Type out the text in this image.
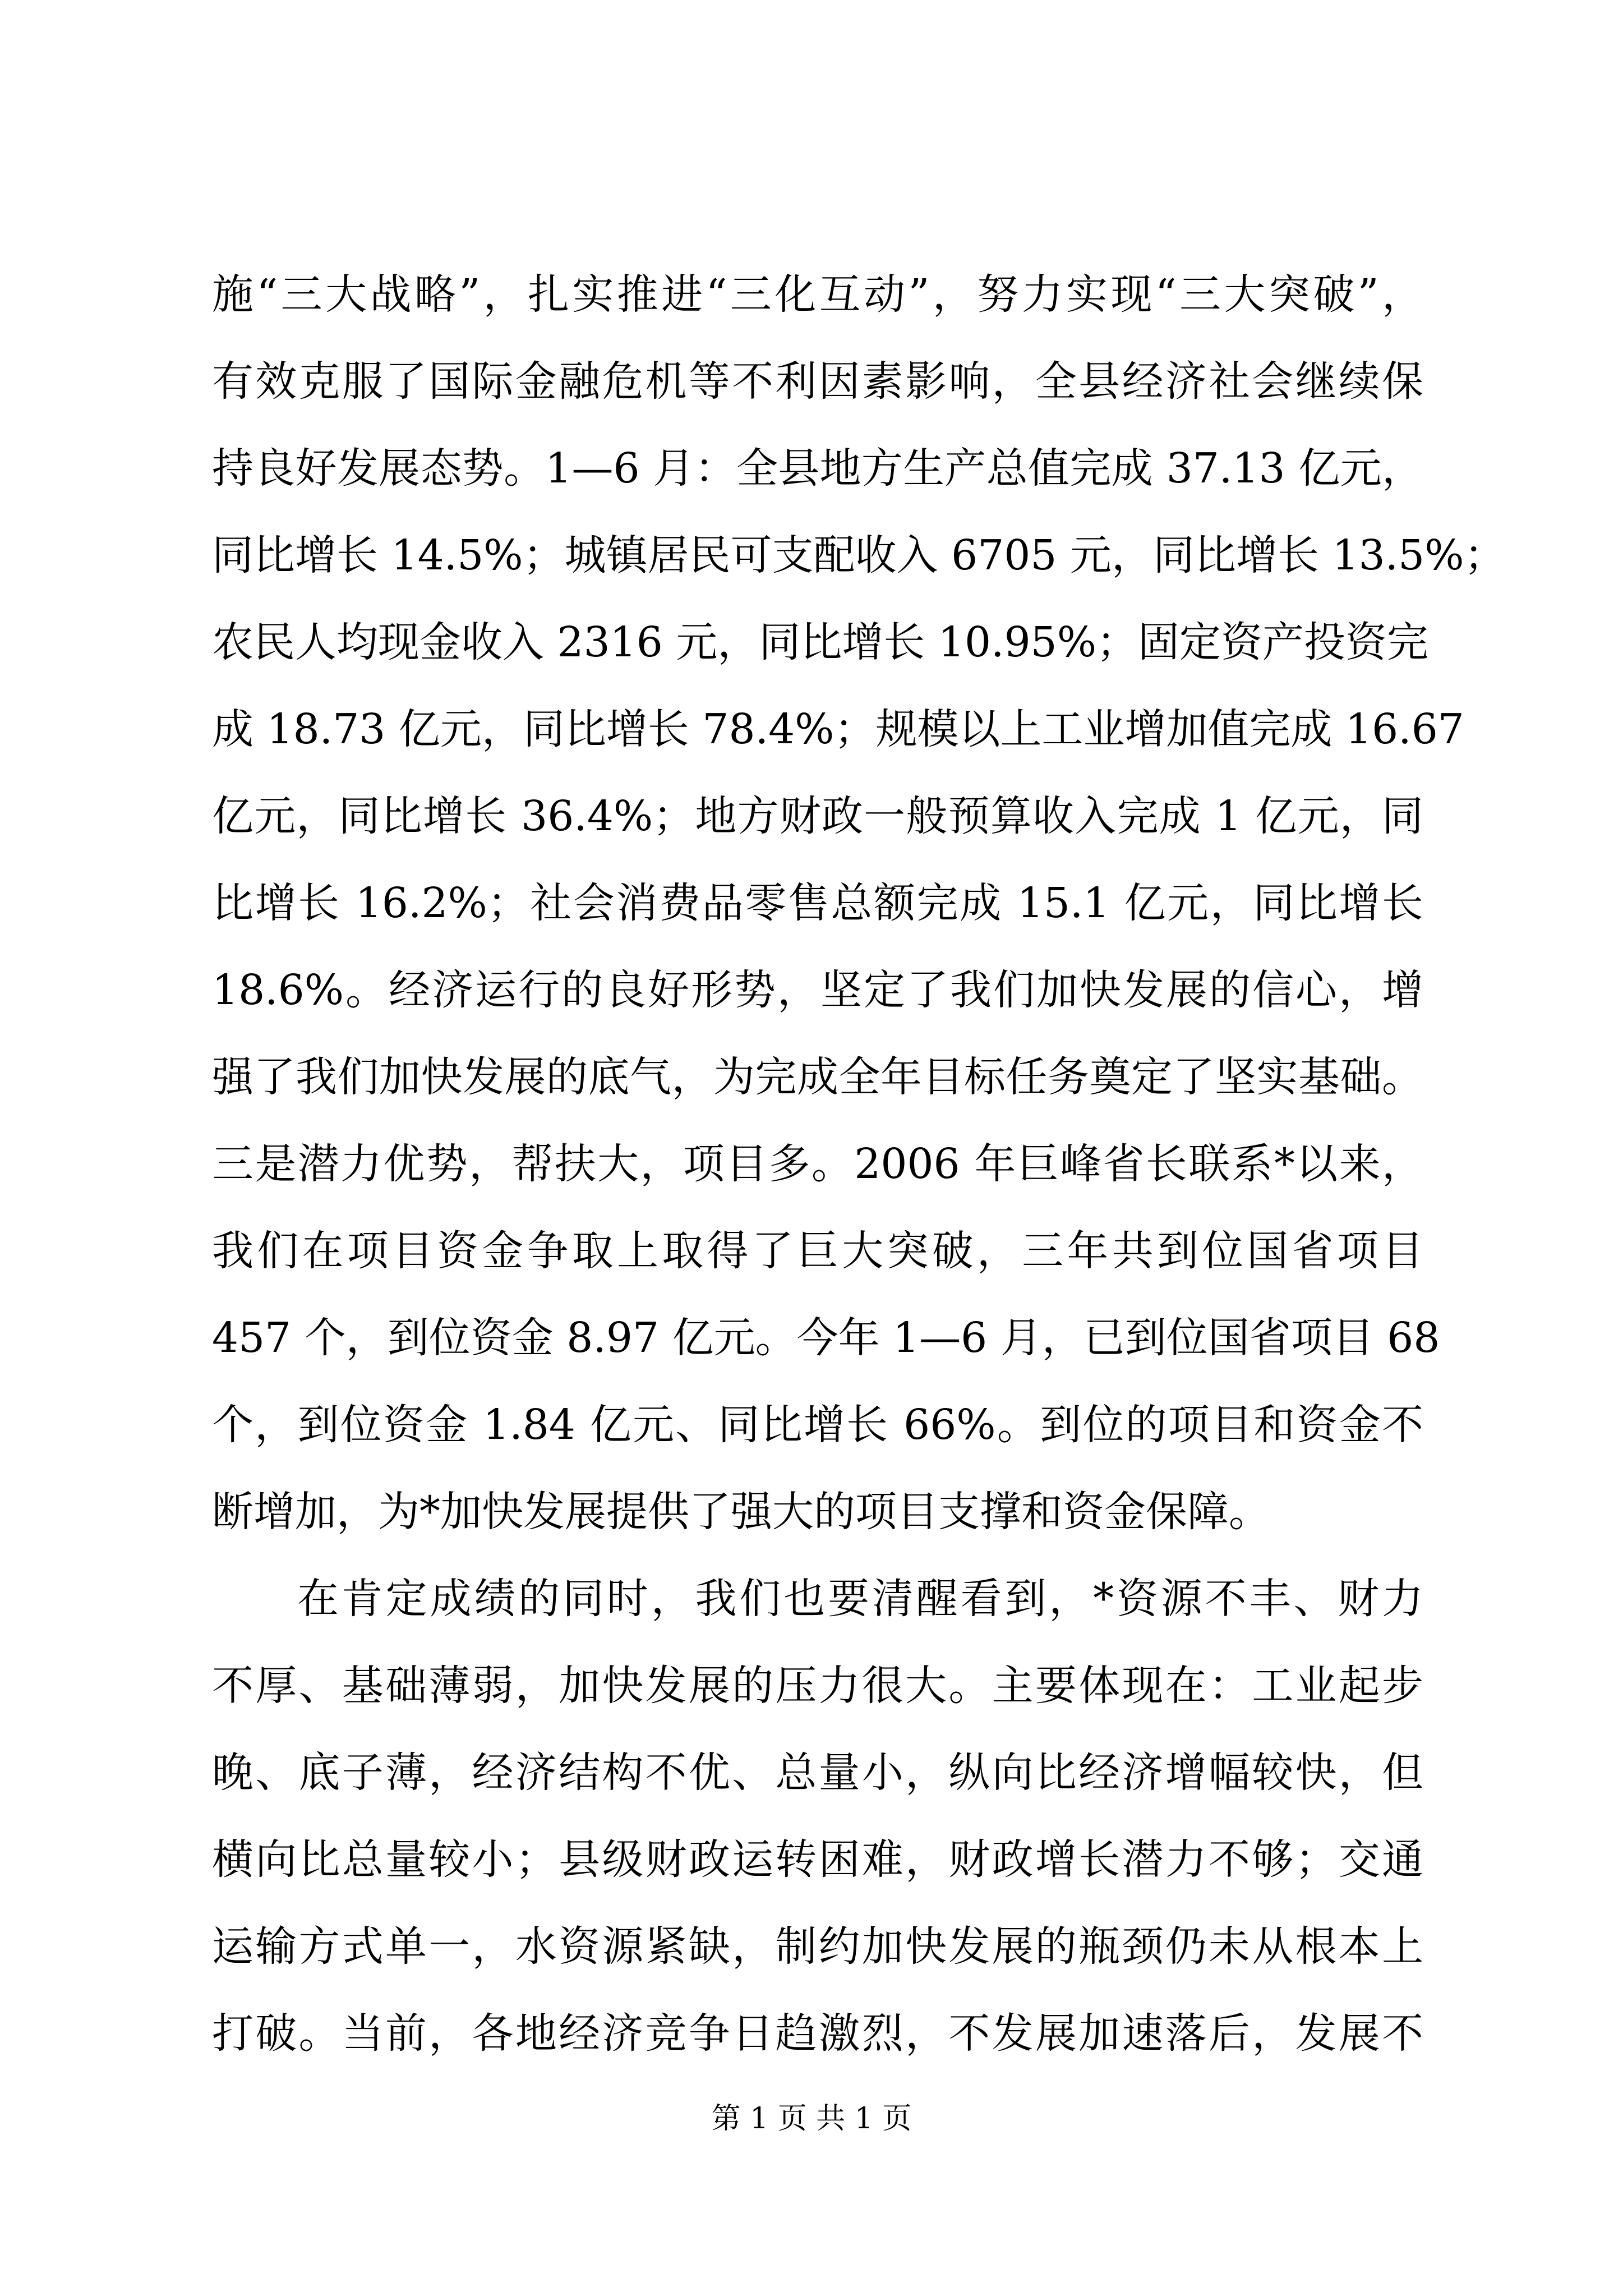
施“三大战略”，扎实推进“三化互动”，努力实现“三大突破”，
有效克服了国际金融危机等不利因素影响，全县经济社会继续保
持良好发展态势。1—6 月：全县地方生产总值完成 37.13 亿元，
同比增长 14.5%；城镇居民可支配收入 6705 元，同比增长 13.5%；
农民人均现金收入 2316 元，同比增长 10.95%；固定资产投资完
成 18.73 亿元，同比增长 78.4%；规模以上工业增加值完成 16.67
亿元，同比增长 36.4%；地方财政一般预算收入完成 1 亿元，同
比增长 16.2%；社会消费品零售总额完成 15.1 亿元，同比增长
18.6%。经济运行的良好形势，坚定了我们加快发展的信心，增
强了我们加快发展的底气，为完成全年目标任务奠定了坚实基础。
三是潜力优势，帮扶大，项目多。2006 年巨峰省长联系*以来，
我们在项目资金争取上取得了巨大突破，三年共到位国省项目
457 个，到位资金 8.97 亿元。今年 1—6 月，已到位国省项目 68
个，到位资金 1.84 亿元、同比增长 66%。到位的项目和资金不
断增加，为*加快发展提供了强大的项目支撑和资金保障。
在肯定成绩的同时，我们也要清醒看到，*资源不丰、财力
不厚、基础薄弱，加快发展的压力很大。主要体现在：工业起步
晚、底子薄，经济结构不优、总量小，纵向比经济增幅较快，但
横向比总量较小；县级财政运转困难，财政增长潜力不够；交通
运输方式单一，水资源紧缺，制约加快发展的瓶颈仍未从根本上
打破。当前，各地经济竞争日趋激烈，不发展加速落后，发展不
第 1 页 共 1 页
